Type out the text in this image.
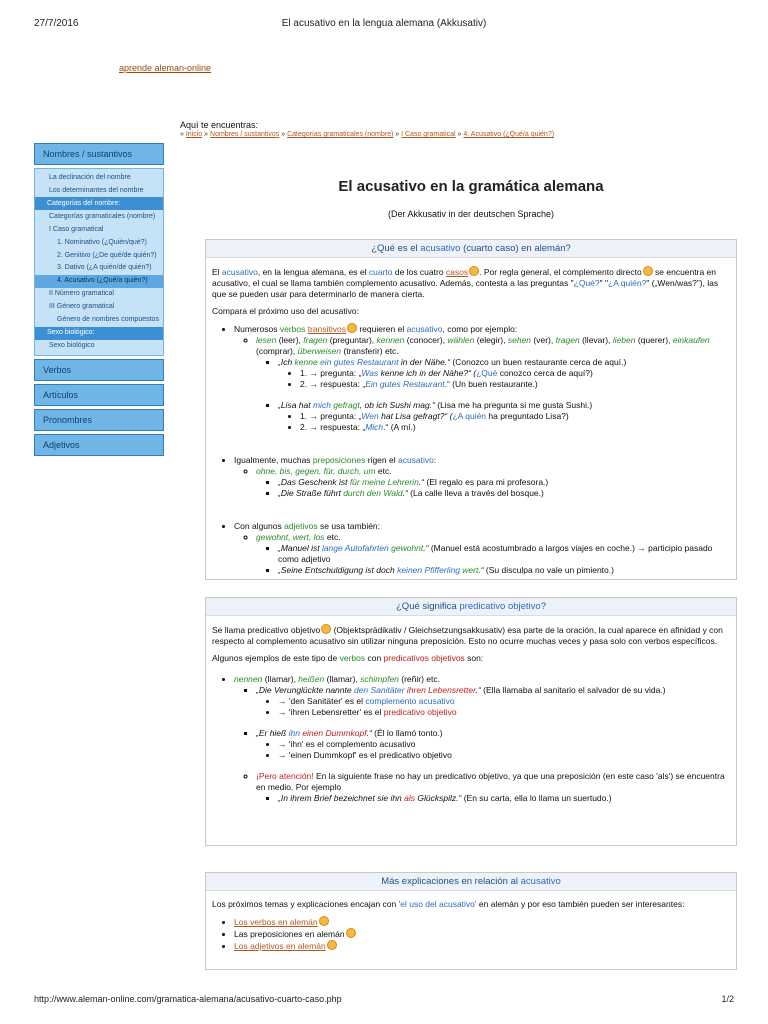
27/7/2016	El acusativo en la lengua alemana (Akkusativ)
aprende aleman-online
Aquí te encuentras:
» Inicio » Nombres / sustantivos » Categorías gramaticales (nombre) » I Caso gramatical » 4. Acusativo (¿Qué/a quién?)
Nombres / sustantivos
La declinación del nombre
Los determinantes del nombre
Categorías del nombre:
Categorías gramaticales (nombre)
I Caso gramatical
1. Nominativo (¿Quién/qué?)
2. Genitivo (¿De qué/de quién?)
3. Dativo (¿A quién/de quién?)
4. Acusativo (¿Qué/a quién?)
II Número gramatical
III Género gramatical
Género de nombres compuestos
Sexo biológico:
Sexo biológico
Verbos
Artículos
Pronombres
Adjetivos
El acusativo en la gramática alemana
(Der Akkusativ in der deutschen Sprache)
¿Qué es el acusativo (cuarto caso) en alemán?

El acusativo, en la lengua alemana, es el cuarto de los cuatro casos . Por regla general, el complemento directo se encuentra en acusativo, el cual se llama también complemento acusativo. Además, contesta a las preguntas "¿Qué?" "¿A quién?" („Wen/was?”), las que se pueden usar para determinarlo de manera cierta.

Compara el próximo uso del acusativo:

• Numerosos verbos transitivos requieren el acusativo, como por ejemplo:
◦ lesen (leer), fragen (preguntar), kennen (conocer), wählen (elegir), sehen (ver), tragen (llevar), lieben (querer), einkaufen (comprar), überweisen (transferir) etc.
▪ „Ich kenne ein gutes Restaurant in der Nähe.“ (Conozco un buen restaurante cerca de aquí.)
• 1. → pregunta: „Was kenne ich in der Nähe?“ (¿Qué conozco cerca de aquí?)
• 2. → respuesta: „Ein gutes Restaurant.“ (Un buen restaurante.)
▪ „Lisa hat mich gefragt, ob ich Sushi mag.“ (Lisa me ha pregunta si me gusta Sushi.)
• 1. → pregunta: „Wen hat Lisa gefragt?“ (¿A quién ha preguntado Lisa?)
• 2. → respuesta: „Mich.“ (A mí.)
• Igualmente, muchas preposiciones rigen el acusativo:
◦ ohne, bis, gegen, für, durch, um etc.
▪ „Das Geschenk ist für meine Lehrerin.“ (El regalo es para mi profesora.)
▪ „Die Straße führt durch den Wald.“ (La calle lleva a través del bosque.)
• Con algunos adjetivos se usa también:
◦ gewohnt, wert, los etc.
▪ „Manuel ist lange Autofahrten gewohnt.“ (Manuel está acostumbrado a largos viajes en coche.) → participio pasado como adjetivo
▪ „Seine Entschuldigung ist doch keinen Pfifferling wert.“ (Su disculpa no vale un pimiento.)
¿Qué significa predicativo objetivo?

Se llama predicativo objetivo (Objektsprädikativ / Gleichsetzungsakkusativ) esa parte de la oración, la cual aparece en afinidad y con respecto al complemento acusativo sin utilizar ninguna preposición. Esto no ocurre muchas veces y pasa solo con verbos específicos.

Algunos ejemplos de este tipo de verbos con predicativos objetivos son:

• nennen (llamar), heißen (llamar), schimpfen (reñir) etc.
▪ „Die Verunglückte nannte den Sanitäter ihren Lebensretter.“ (Ella llamaba al sanitario el salvador de su vida.)
• → 'den Sanitäter' es el complemento acusativo
• → 'ihren Lebensretter' es el predicativo objetivo
▪ „Er hieß ihn einen Dummkopf.“ (Él lo llamó tonto.)
• → 'ihn' es el complemento acusativo
• → 'einen Dummkopf' es el predicativo objetivo
◦ ¡Pero atención! En la siguiente frase no hay un predicativo objetivo, ya que una preposición (en este caso 'als') se encuentra en medio. Por ejemplo
▪ „In ihrem Brief bezeichnet sie ihn als Glückspilz.“ (En su carta, ella lo llama un suertudo.)
Más explicaciones en relación al acusativo

Los próximos temas y explicaciones encajan con 'el uso del acusativo' en alemán y por eso también pueden ser interesantes:

• Los verbos en alemán
• Las preposiciones en alemán
• Los adjetivos en alemán
http://www.aleman-online.com/gramatica-alemana/acusativo-cuarto-caso.php	1/2
